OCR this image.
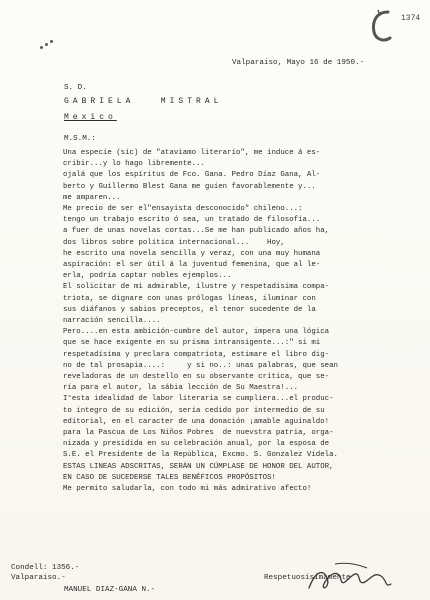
1374
Valparaiso, Mayo 16 de 1950.-
S. D.
GABRIELA   MISTRAL
Mexico
M.S.M.:
Una especie (sic) de "ataviamo literario", me induce á es-
cribir...y lo hago libremente...
ojalá que los espíritus de Fco. Gana. Pedro Díaz Gana, Al-
berto y Guillermo Blest Gana me guíen favorablemente y...
me amparen...
Me precio de ser el"ensayista desconocido" chileno...:
tengo un trabajo escrito ó sea, un tratado de filosofía...
a fuer de unas novelas cortas...Se me han publicado años ha,
dos libros sobre política internacional...    Hoy,
he escrito una novela sencilla y veraz, con una muy humana
aspiración: el ser útil á la juventud femenina, que al le-
erla, podría captar nobles ejemplos...
El solicitar de mi admirable, ilustre y respetadísima compa-
triota, se dignare con unas prólogas líneas, iluminar con
sus diáfanos y sabios preceptos, el tenor sucedente de la
narración sencilla....
Pero....en esta ambición-cumbre del autor, impera una lógica
que se hace exigente en su prisma intransigente...:" si mi
respetadísima y preclara compatriota, estimare el libro dig-
no de tal prosapia....:     y si no..: unas palabras, que sean
reveladoras de un destello en su observante crítica, que se-
ría para el autor, la sábia lección de Su Maestra!...
I°esta idealidad de labor literaria se cumpliera...el produc-
to íntegro de su edición, sería cedido por intermedio de su
editorial, en el caracter de una donación ¡amable aguinaldo!
para la Pascua de Los Niños Pobres  de nuevstra patria, orga-
nizada y presidida en su celebración anual, por la esposa de
S.E. el Presidente de la República, Excmo. S. Gonzalez Videla.
ESTAS LINEAS ADSCRITAS, SERÁN UN CÚMPLASE DE HONOR DEL AUTOR,
EN CASO DE SUCEDERSE TALES BENÉFICOS PROPÓSITOS!
Me permito saludarla, con todo mi más admirativo afecto!
Condell: 1356.-
Valparaiso.-	Respetuosísimamente
MANUEL DIAZ-GANA N.-
